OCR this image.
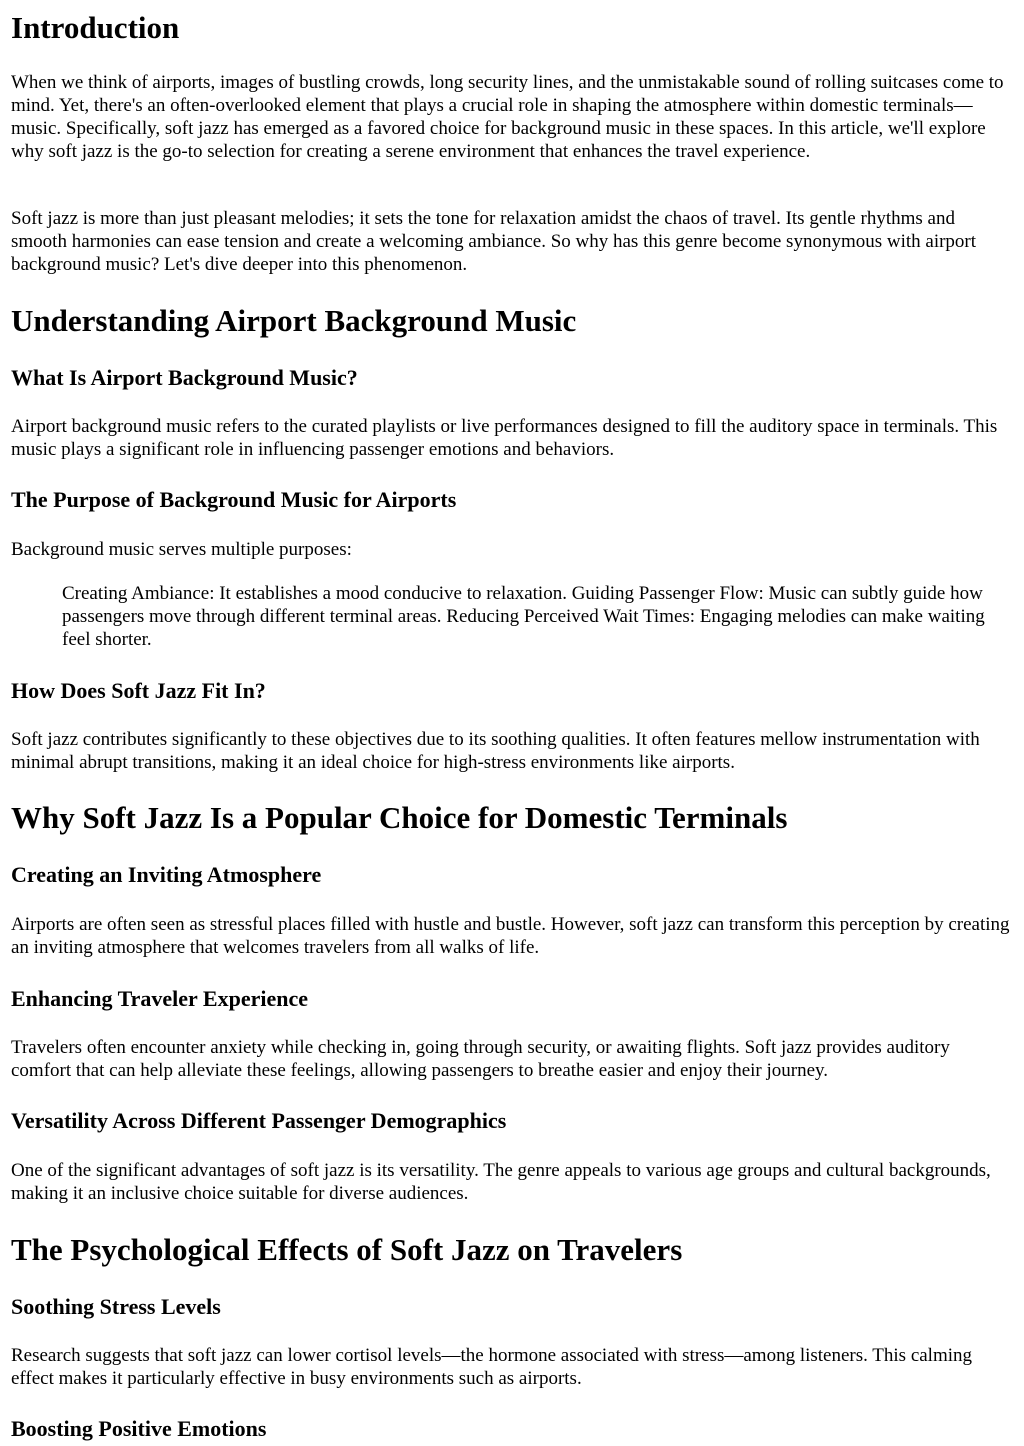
Introduction

When we think of airports, images of bustling crowds, long security lines, and the unmistakable sound of rolling suitcases come to mind. Yet, there's an often-overlooked element that plays a crucial role in shaping the atmosphere within domestic terminals—music. Specifically, soft jazz has emerged as a favored choice for background music in these spaces. In this article, we'll explore why soft jazz is the go-to selection for creating a serene environment that enhances the travel experience.

Soft jazz is more than just pleasant melodies; it sets the tone for relaxation amidst the chaos of travel. Its gentle rhythms and smooth harmonies can ease tension and create a welcoming ambiance. So why has this genre become synonymous with airport background music? Let's dive deeper into this phenomenon.

Understanding Airport Background Music
What Is Airport Background Music?

Airport background music refers to the curated playlists or live performances designed to fill the auditory space in terminals. This music plays a significant role in influencing passenger emotions and behaviors.

The Purpose of Background Music for Airports

Background music serves multiple purposes:

Creating Ambiance: It establishes a mood conducive to relaxation. Guiding Passenger Flow: Music can subtly guide how passengers move through different terminal areas. Reducing Perceived Wait Times: Engaging melodies can make waiting feel shorter.
How Does Soft Jazz Fit In?

Soft jazz contributes significantly to these objectives due to its soothing qualities. It often features mellow instrumentation with minimal abrupt transitions, making it an ideal choice for high-stress environments like airports.

Why Soft Jazz Is a Popular Choice for Domestic Terminals
Creating an Inviting Atmosphere

Airports are often seen as stressful places filled with hustle and bustle. However, soft jazz can transform this perception by creating an inviting atmosphere that welcomes travelers from all walks of life.

Enhancing Traveler Experience

Travelers often encounter anxiety while checking in, going through security, or awaiting flights. Soft jazz provides auditory comfort that can help alleviate these feelings, allowing passengers to breathe easier and enjoy their journey.

Versatility Across Different Passenger Demographics

One of the significant advantages of soft jazz is its versatility. The genre appeals to various age groups and cultural backgrounds, making it an inclusive choice suitable for diverse audiences.

The Psychological Effects of Soft Jazz on Travelers
Soothing Stress Levels

Research suggests that soft jazz can lower cortisol levels—the hormone associated with stress—among listeners. This calming effect makes it particularly effective in busy environments such as airports.

Boosting Positive Emotions
